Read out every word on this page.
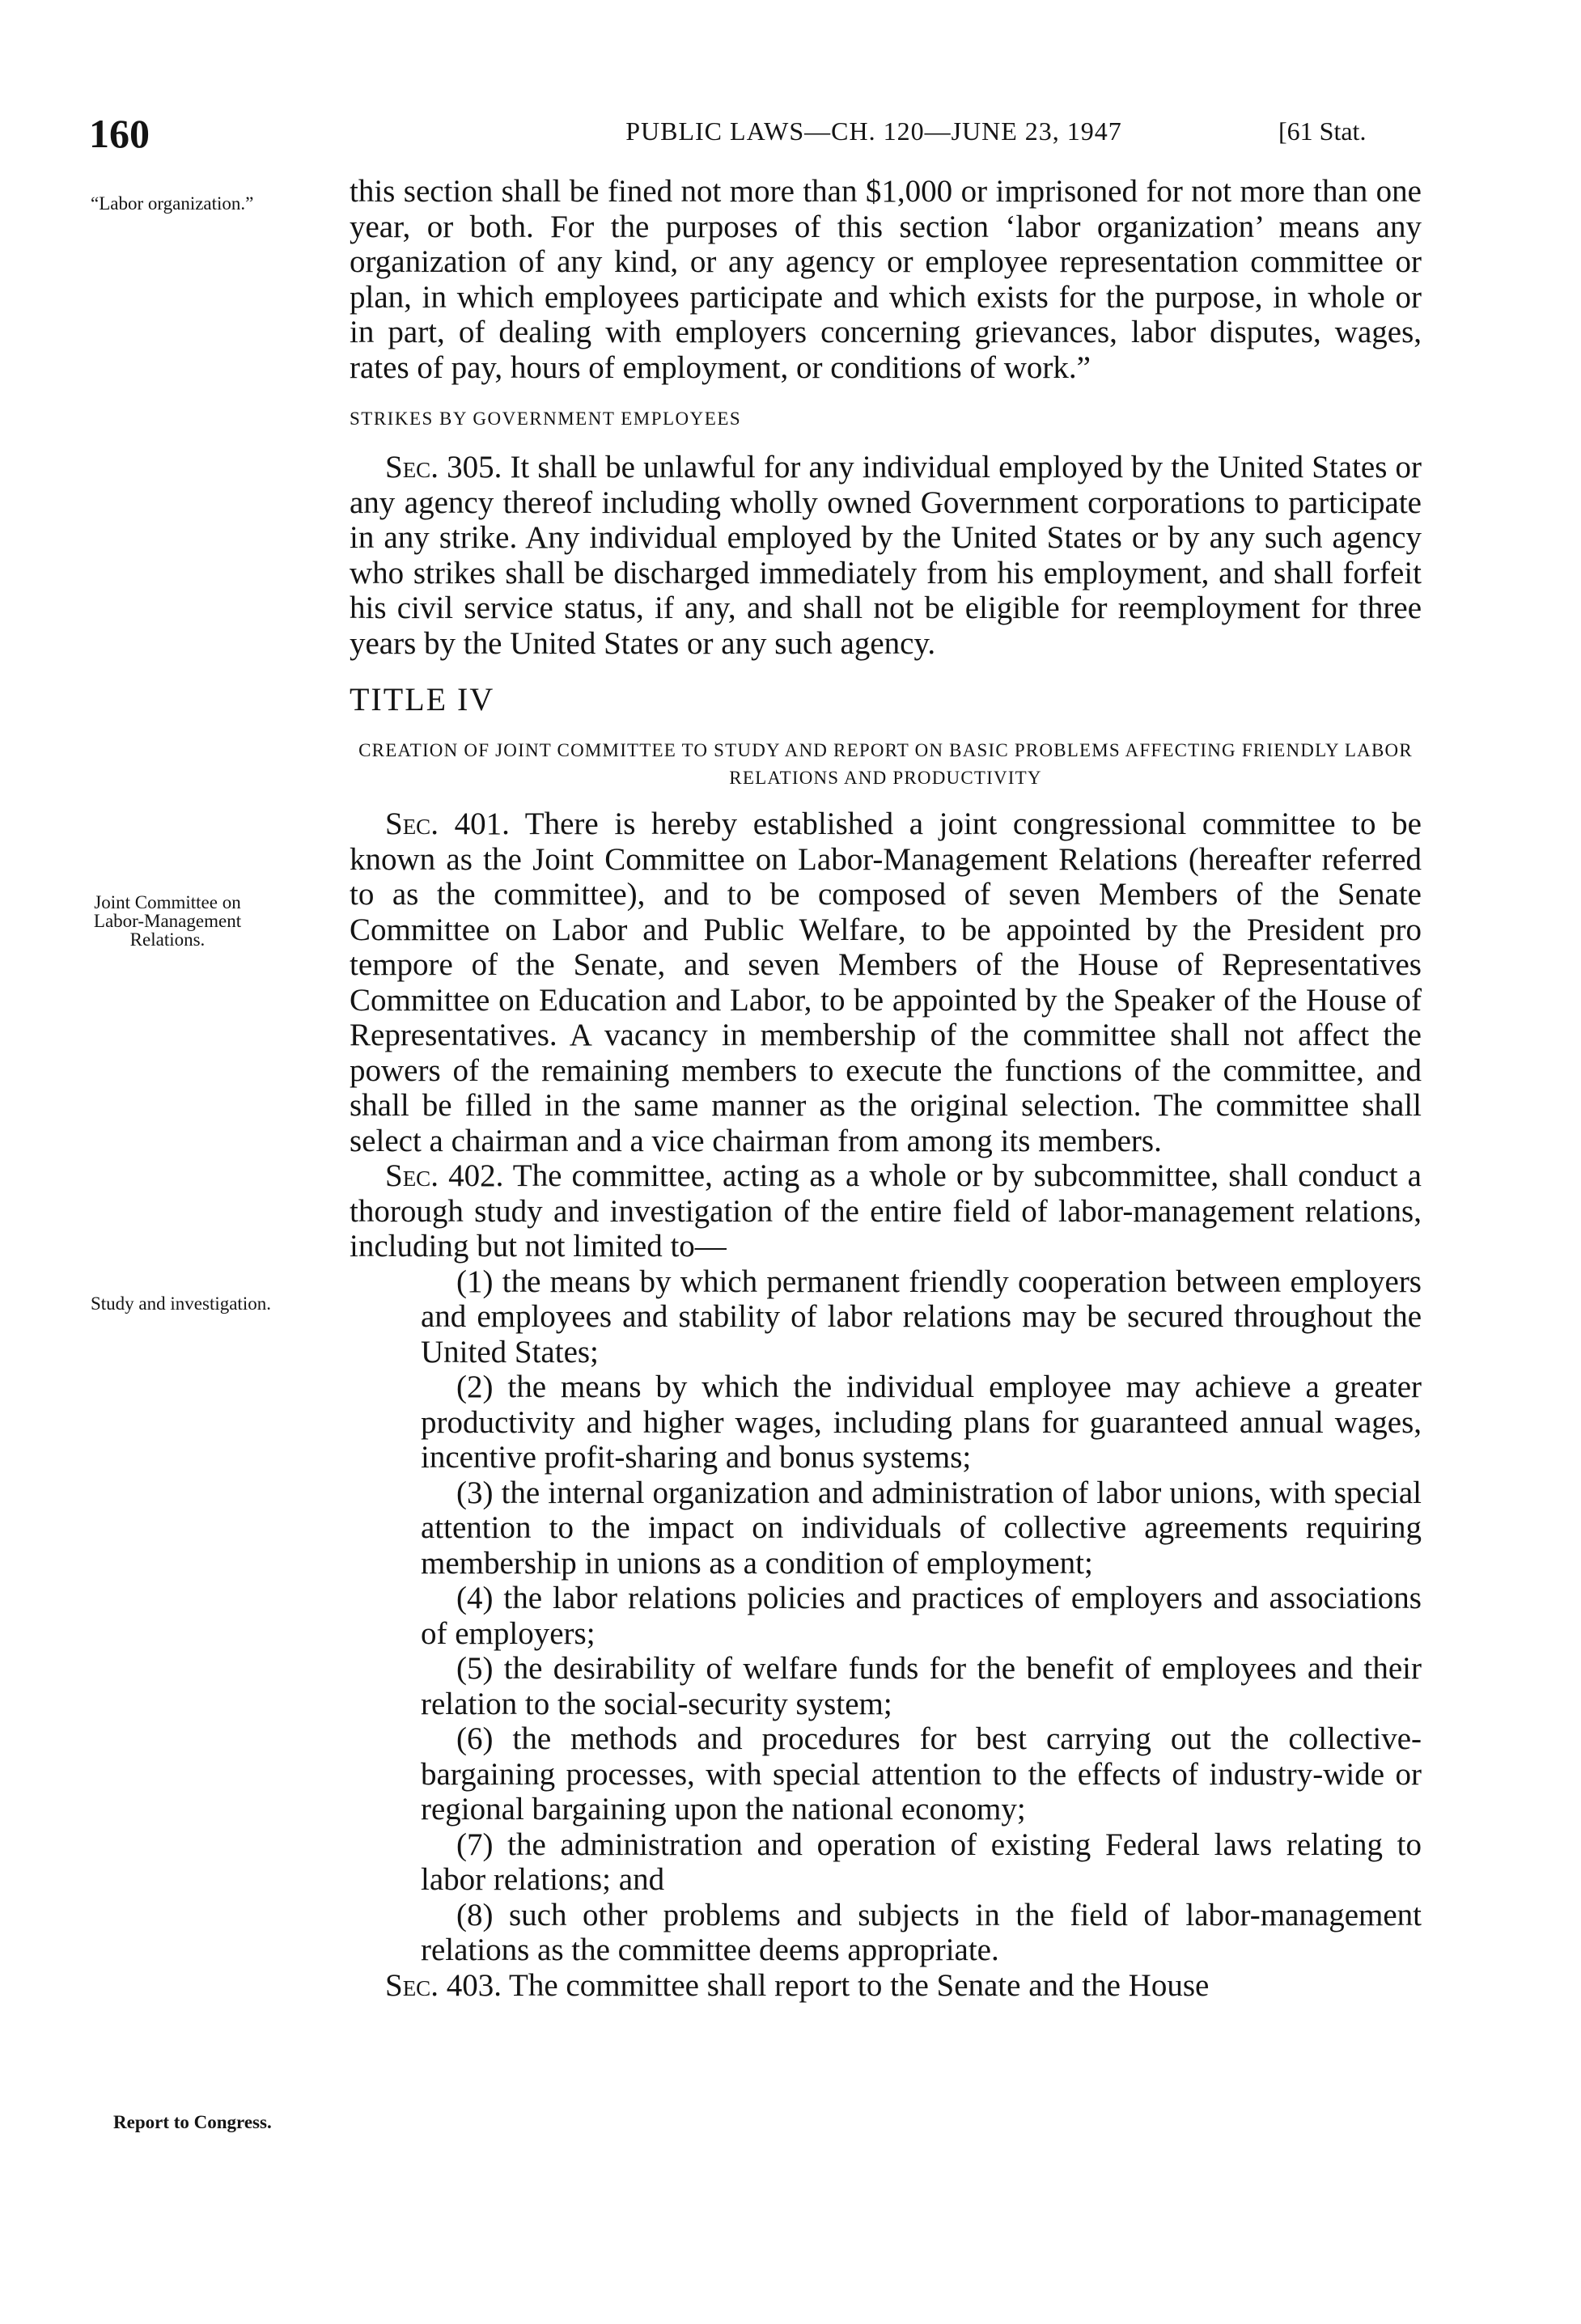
160	PUBLIC LAWS—CH. 120—JUNE 23, 1947	[61 Stat.
“Labor organization.”
Joint Committee on Labor-Management Relations.
Study and investigation.
Report to Congress.

this section shall be fined not more than $1,000 or imprisoned for not more than one year, or both. For the purposes of this section ‘labor organization’ means any organization of any kind, or any agency or employee representation committee or plan, in which employees participate and which exists for the purpose, in whole or in part, of dealing with employers concerning grievances, labor disputes, wages, rates of pay, hours of employment, or conditions of work.”

STRIKES BY GOVERNMENT EMPLOYEES

Sec. 305. It shall be unlawful for any individual employed by the United States or any agency thereof including wholly owned Government corporations to participate in any strike. Any individual employed by the United States or by any such agency who strikes shall be discharged immediately from his employment, and shall forfeit his civil service status, if any, and shall not be eligible for reemployment for three years by the United States or any such agency.

TITLE IV

CREATION OF JOINT COMMITTEE TO STUDY AND REPORT ON BASIC PROBLEMS AFFECTING FRIENDLY LABOR RELATIONS AND PRODUCTIVITY

Sec. 401. There is hereby established a joint congressional committee to be known as the Joint Committee on Labor-Management Relations (hereafter referred to as the committee), and to be composed of seven Members of the Senate Committee on Labor and Public Welfare, to be appointed by the President pro tempore of the Senate, and seven Members of the House of Representatives Committee on Education and Labor, to be appointed by the Speaker of the House of Representatives. A vacancy in membership of the committee shall not affect the powers of the remaining members to execute the functions of the committee, and shall be filled in the same manner as the original selection. The committee shall select a chairman and a vice chairman from among its members.

Sec. 402. The committee, acting as a whole or by subcommittee, shall conduct a thorough study and investigation of the entire field of labor-management relations, including but not limited to—

(1) the means by which permanent friendly cooperation between employers and employees and stability of labor relations may be secured throughout the United States;

(2) the means by which the individual employee may achieve a greater productivity and higher wages, including plans for guaranteed annual wages, incentive profit-sharing and bonus systems;

(3) the internal organization and administration of labor unions, with special attention to the impact on individuals of collective agreements requiring membership in unions as a condition of employment;

(4) the labor relations policies and practices of employers and associations of employers;

(5) the desirability of welfare funds for the benefit of employees and their relation to the social-security system;

(6) the methods and procedures for best carrying out the collective-bargaining processes, with special attention to the effects of industry-wide or regional bargaining upon the national economy;

(7) the administration and operation of existing Federal laws relating to labor relations; and

(8) such other problems and subjects in the field of labor-management relations as the committee deems appropriate.

Sec. 403. The committee shall report to the Senate and the House
